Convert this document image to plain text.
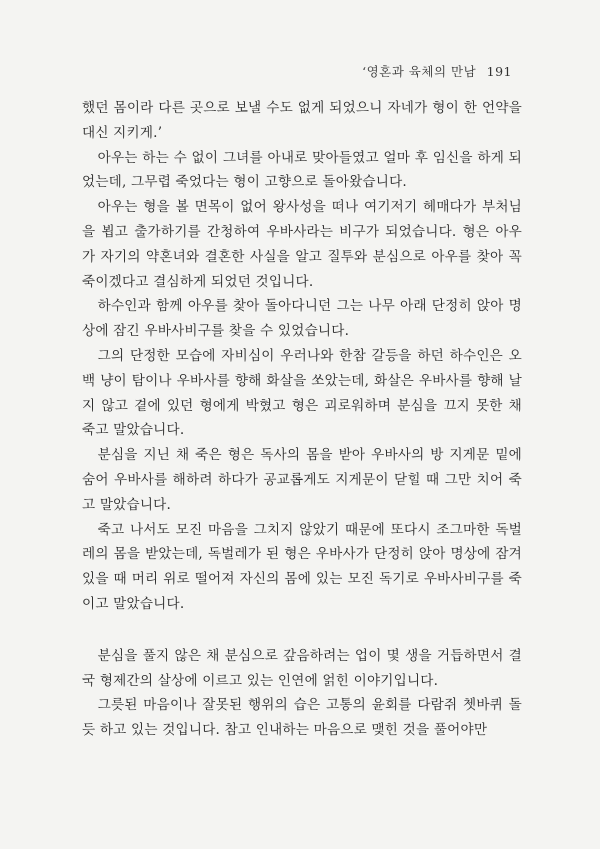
‘영혼과 육체의 만남 191

했던 몸이라 다른 곳으로 보낼 수도 없게 되었으니 자네가 형이 한 언약을 대신 지키게.’

아우는 하는 수 없이 그녀를 아내로 맞아들였고 얼마 후 임신을 하게 되었는데, 그무렵 죽었다는 형이 고향으로 돌아왔습니다.

아우는 형을 볼 면목이 없어 왕사성을 떠나 여기저기 헤매다가 부처님을 뵙고 출가하기를 간청하여 우바사라는 비구가 되었습니다. 형은 아우가 자기의 약혼녀와 결혼한 사실을 알고 질투와 분심으로 아우를 찾아 꼭 죽이겠다고 결심하게 되었던 것입니다.

하수인과 함께 아우를 찾아 돌아다니던 그는 나무 아래 단정히 앉아 명상에 잠긴 우바사비구를 찾을 수 있었습니다.

그의 단정한 모습에 자비심이 우러나와 한참 갈등을 하던 하수인은 오백 냥이 탐이나 우바사를 향해 화살을 쏘았는데, 화살은 우바사를 향해 날지 않고 곁에 있던 형에게 박혔고 형은 괴로워하며 분심을 끄지 못한 채 죽고 말았습니다.

분심을 지닌 채 죽은 형은 독사의 몸을 받아 우바사의 방 지게문 밑에 숨어 우바사를 해하려 하다가 공교롭게도 지게문이 닫힐 때 그만 치어 죽고 말았습니다.

죽고 나서도 모진 마음을 그치지 않았기 때문에 또다시 조그마한 독벌레의 몸을 받았는데, 독벌레가 된 형은 우바사가 단정히 앉아 명상에 잠겨 있을 때 머리 위로 떨어져 자신의 몸에 있는 모진 독기로 우바사비구를 죽이고 말았습니다.

분심을 풀지 않은 채 분심으로 갚음하려는 업이 몇 생을 거듭하면서 결국 형제간의 살상에 이르고 있는 인연에 얽힌 이야기입니다.

그릇된 마음이나 잘못된 행위의 습은 고통의 윤회를 다람쥐 쳇바퀴 돌듯 하고 있는 것입니다. 참고 인내하는 마음으로 맺힌 것을 풀어야만
